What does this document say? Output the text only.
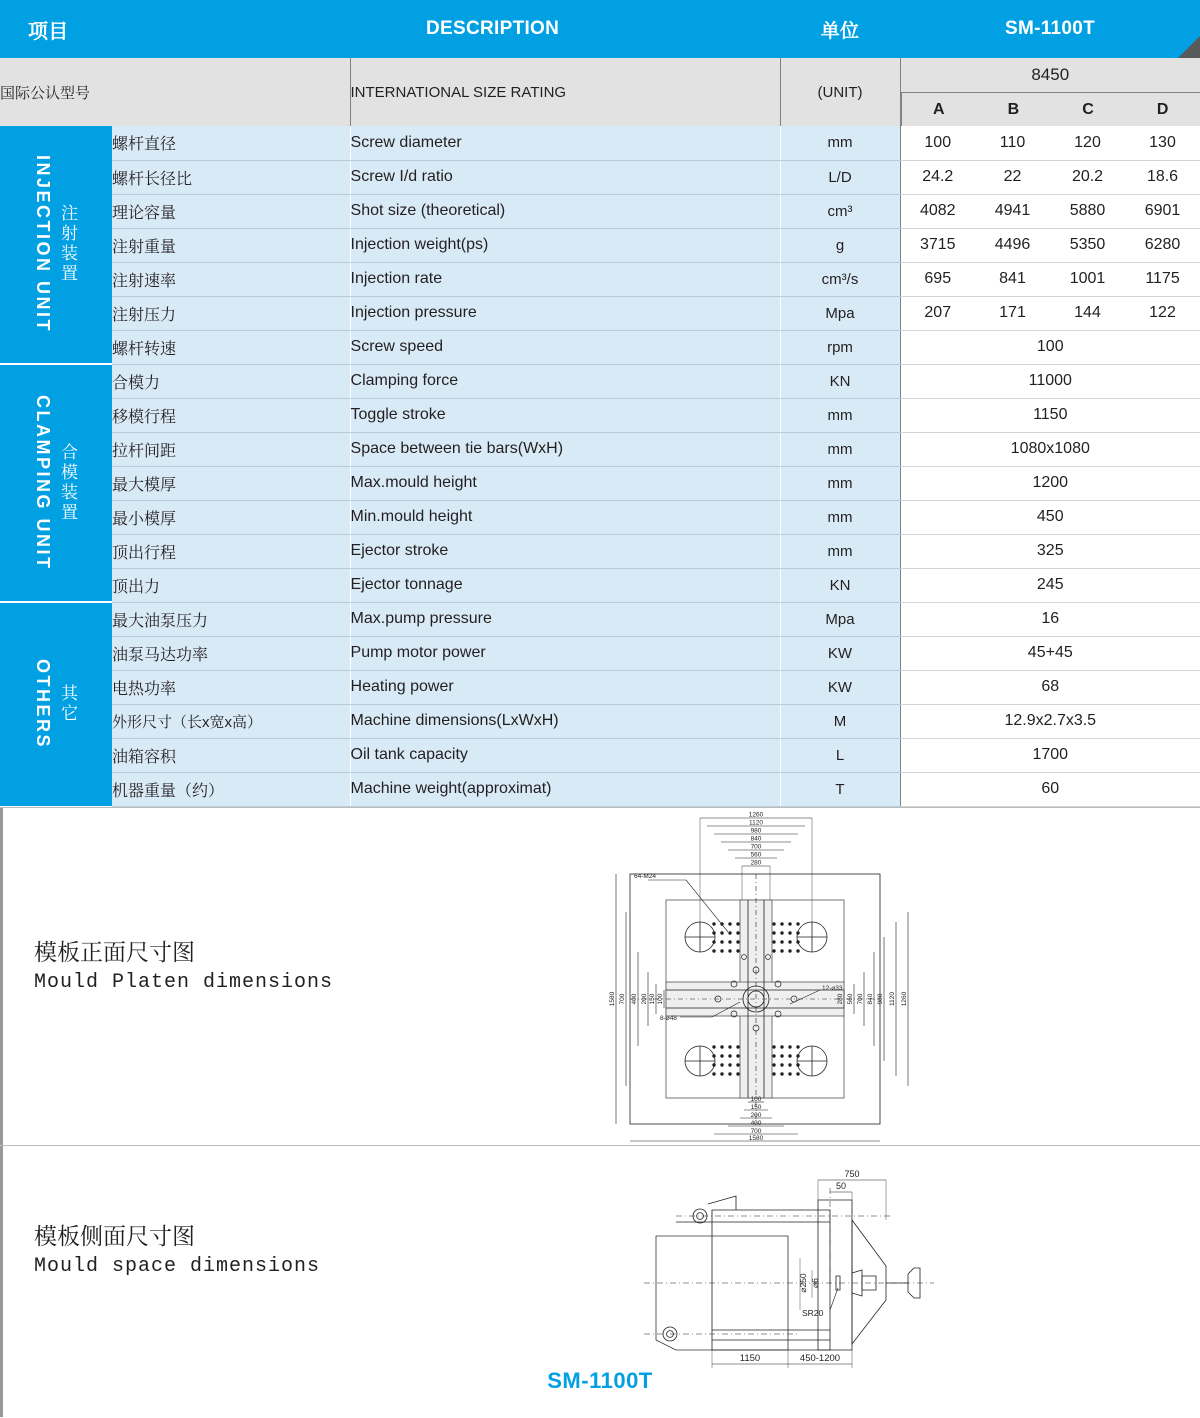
项目		DESCRIPTION	单位	SM-1100T			

国际公认型号		INTERNATIONAL SIZE RATING	(UNIT)	8450
A B C D			

INJECTION UNIT 注射装置	螺杆直径	Screw diameter	mm	100	110	120	130
	螺杆长径比	Screw I/d ratio	L/D	24.2	22	20.2	18.6
	理论容量	Shot size (theoretical)	cm³	4082	4941	5880	6901
	注射重量	Injection weight(ps)	g	3715	4496	5350	6280
	注射速率	Injection rate	cm³/s	695	841	1001	1175
	注射压力	Injection pressure	Mpa	207	171	144	122
	螺杆转速	Screw speed	rpm	100			

CLAMPING UNIT 合模装置	合模力	Clamping force	KN	11000			
	移模行程	Toggle stroke	mm	1150			
	拉杆间距	Space between tie bars(WxH)	mm	1080x1080			
	最大模厚	Max.mould height	mm	1200			
	最小模厚	Min.mould height	mm	450			
	顶出行程	Ejector stroke	mm	325			
	顶出力	Ejector tonnage	KN	245			

OTHERS 其它	最大油泵压力	Max.pump pressure	Mpa	16			
	油泵马达功率	Pump motor power	KW	45+45			
	电热功率	Heating power	KW	68			
	外形尺寸（长x宽x高）	Machine dimensions(LxWxH)	M	12.9x2.7x3.5			
	油箱容积	Oil tank capacity	L	1700			
	机器重量（约）	Machine weight(approximat)	T	60			
模板正面尺寸图
Mould Platen dimensions
1260
1120
980
840
700
560
280
100
150
200
400
700
1580
1580 700 400 200 150 100	280 560 700 840 980 1120 1260
64-M24
12-⌀33
8-⌀48
模板侧面尺寸图
Mould space dimensions
750
50
⌀6
⌀250
SR20
1150	450-1200
SM-1100T
